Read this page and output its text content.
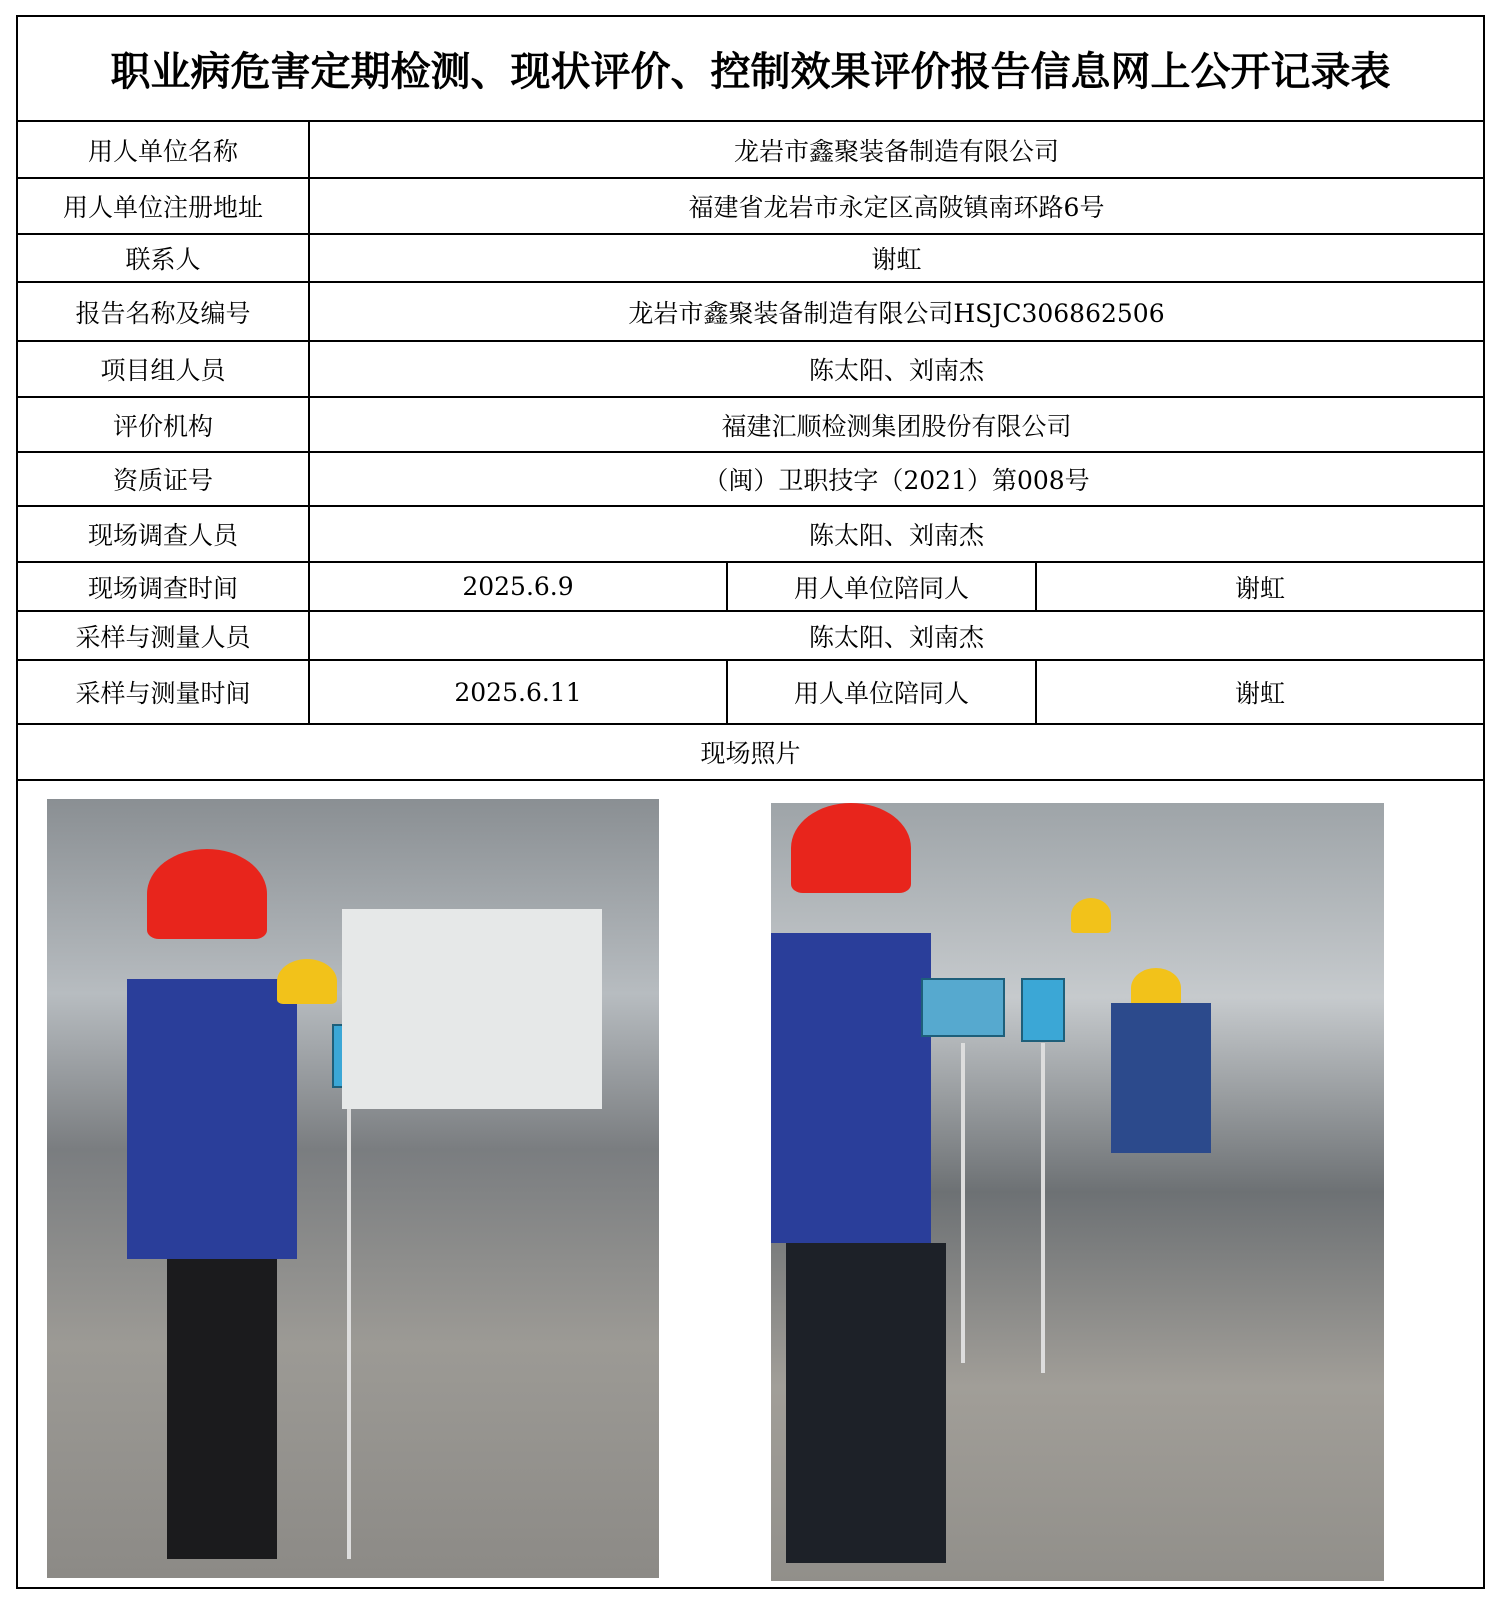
职业病危害定期检测、现状评价、控制效果评价报告信息网上公开记录表
用人单位名称	龙岩市鑫聚装备制造有限公司		
用人单位注册地址	福建省龙岩市永定区高陂镇南环路6号		
联系人	谢虹		
报告名称及编号	龙岩市鑫聚装备制造有限公司HSJC306862506		
项目组人员	陈太阳、刘南杰		
评价机构	福建汇顺检测集团股份有限公司		
资质证号	（闽）卫职技字（2021）第008号		
现场调查人员	陈太阳、刘南杰		
现场调查时间	2025.6.9	用人单位陪同人	谢虹
采样与测量人员	陈太阳、刘南杰		
采样与测量时间	2025.6.11	用人单位陪同人	谢虹
现场照片			
